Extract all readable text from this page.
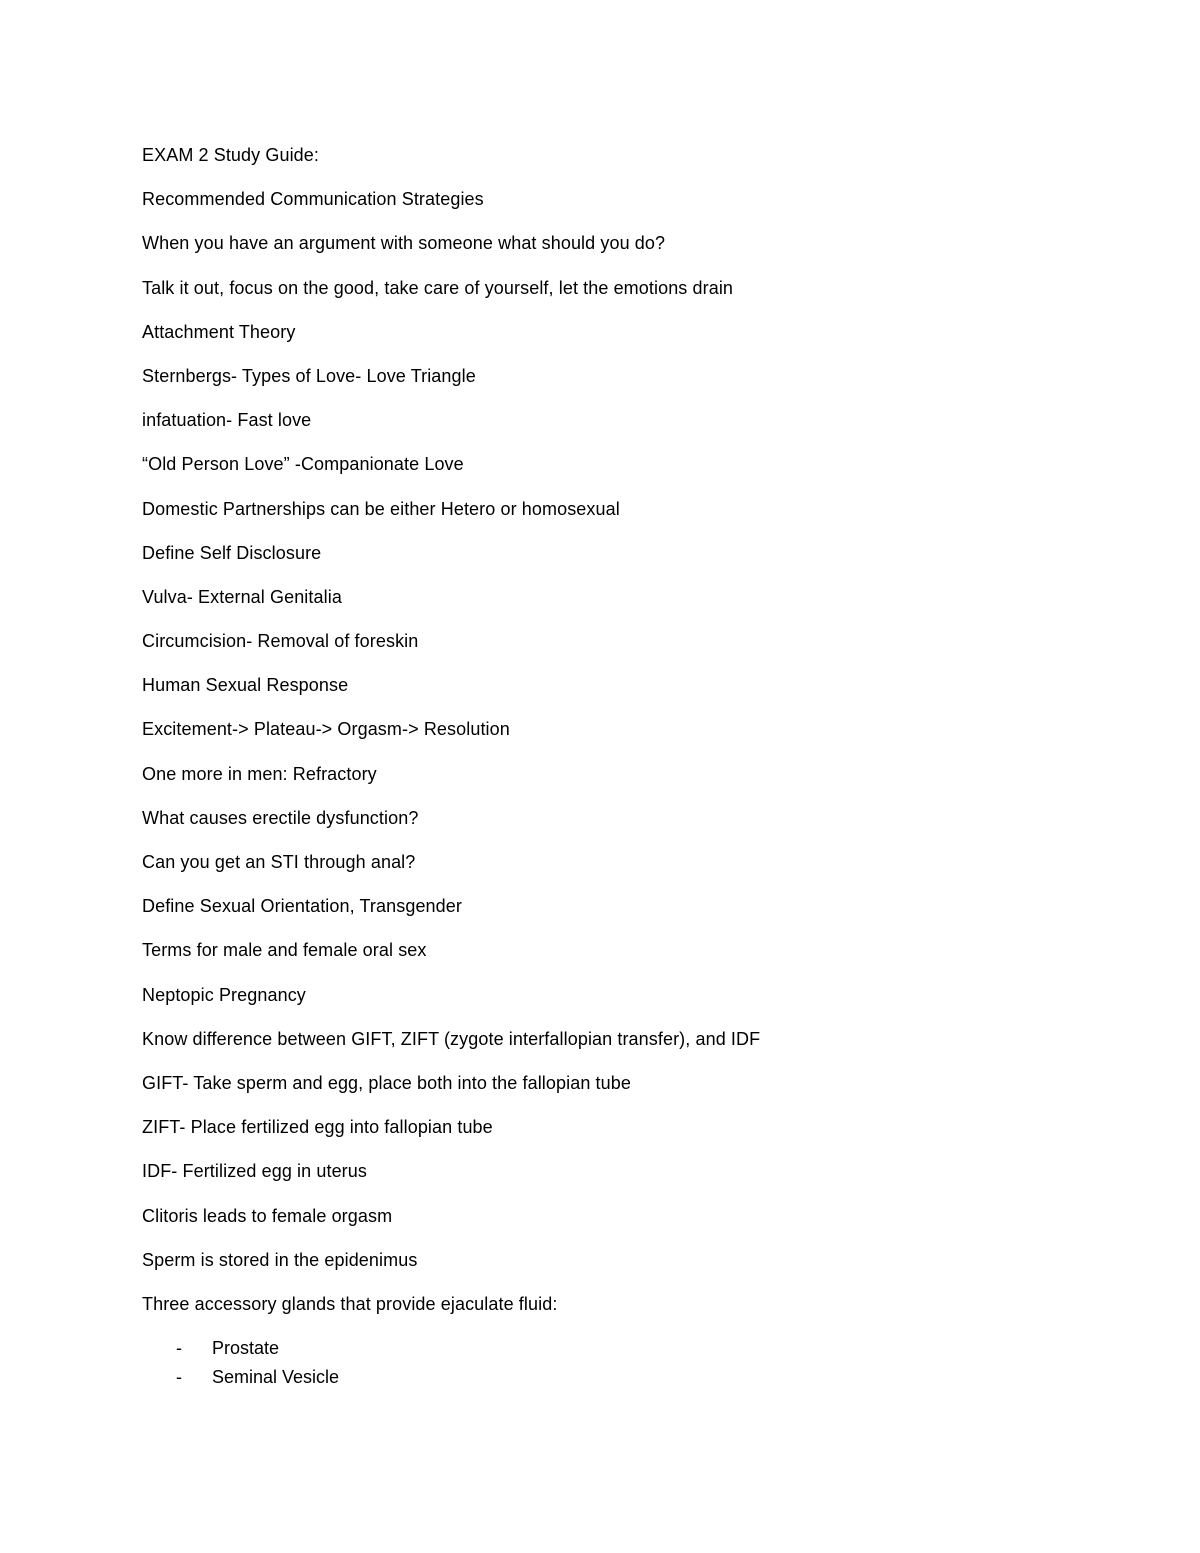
EXAM 2 Study Guide:
Recommended Communication Strategies
When you have an argument with someone what should you do?
Talk it out, focus on the good, take care of yourself, let the emotions drain
Attachment Theory
Sternbergs- Types of Love- Love Triangle
infatuation- Fast love
“Old Person Love” -Companionate Love
Domestic Partnerships can be either Hetero or homosexual
Define Self Disclosure
Vulva- External Genitalia
Circumcision- Removal of foreskin
Human Sexual Response
Excitement-> Plateau-> Orgasm-> Resolution
One more in men: Refractory
What causes erectile dysfunction?
Can you get an STI through anal?
Define Sexual Orientation, Transgender
Terms for male and female oral sex
Neptopic Pregnancy
Know difference between GIFT, ZIFT (zygote interfallopian transfer), and IDF
GIFT- Take sperm and egg, place both into the fallopian tube
ZIFT- Place fertilized egg into fallopian tube
IDF- Fertilized egg in uterus
Clitoris leads to female orgasm
Sperm is stored in the epidenimus
Three accessory glands that provide ejaculate fluid:
- Prostate
- Seminal Vesicle
